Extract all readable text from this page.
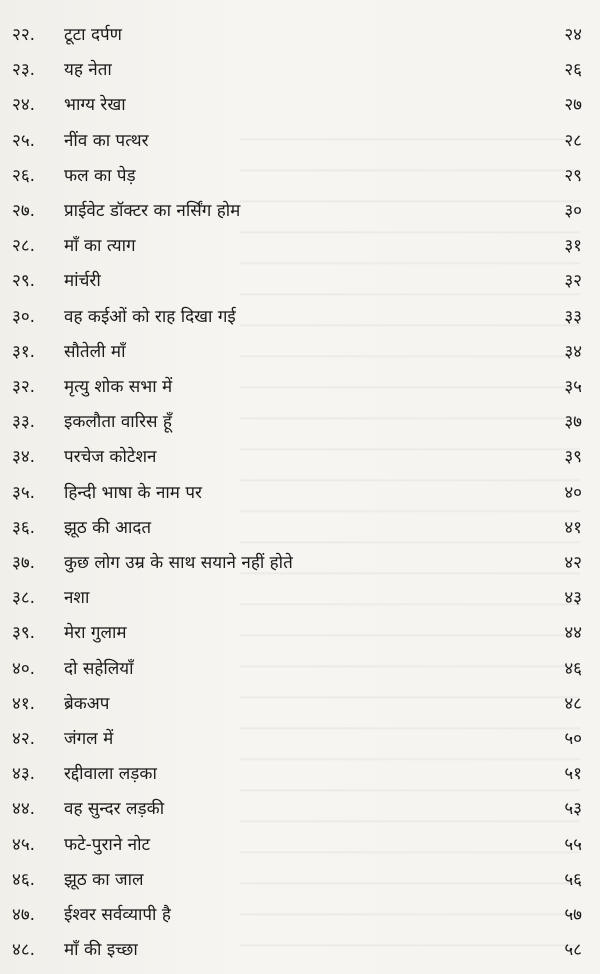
२२.	टूटा दर्पण	२४
२३.	यह नेता	२६
२४.	भाग्य रेखा	२७
२५.	नींव का पत्थर	२८
२६.	फल का पेड़	२९
२७.	प्राईवेट डॉक्टर का नर्सिंग होम	३०
२८.	माँ का त्याग	३१
२९.	मांर्चरी	३२
३०.	वह कईओं को राह दिखा गई	३३
३१.	सौतेली माँ	३४
३२.	मृत्यु शोक सभा में	३५
३३.	इकलौता वारिस हूँ	३७
३४.	परचेज कोटेशन	३९
३५.	हिन्दी भाषा के नाम पर	४०
३६.	झूठ की आदत	४१
३७.	कुछ लोग उम्र के साथ सयाने नहीं होते	४२
३८.	नशा	४३
३९.	मेरा गुलाम	४४
४०.	दो सहेलियाँ	४६
४१.	ब्रेकअप	४८
४२.	जंगल में	५०
४३.	रद्दीवाला लड़का	५१
४४.	वह सुन्दर लड़की	५३
४५.	फटे-पुराने नोट	५५
४६.	झूठ का जाल	५६
४७.	ईश्वर सर्वव्यापी है	५७
४८.	माँ की इच्छा	५८
